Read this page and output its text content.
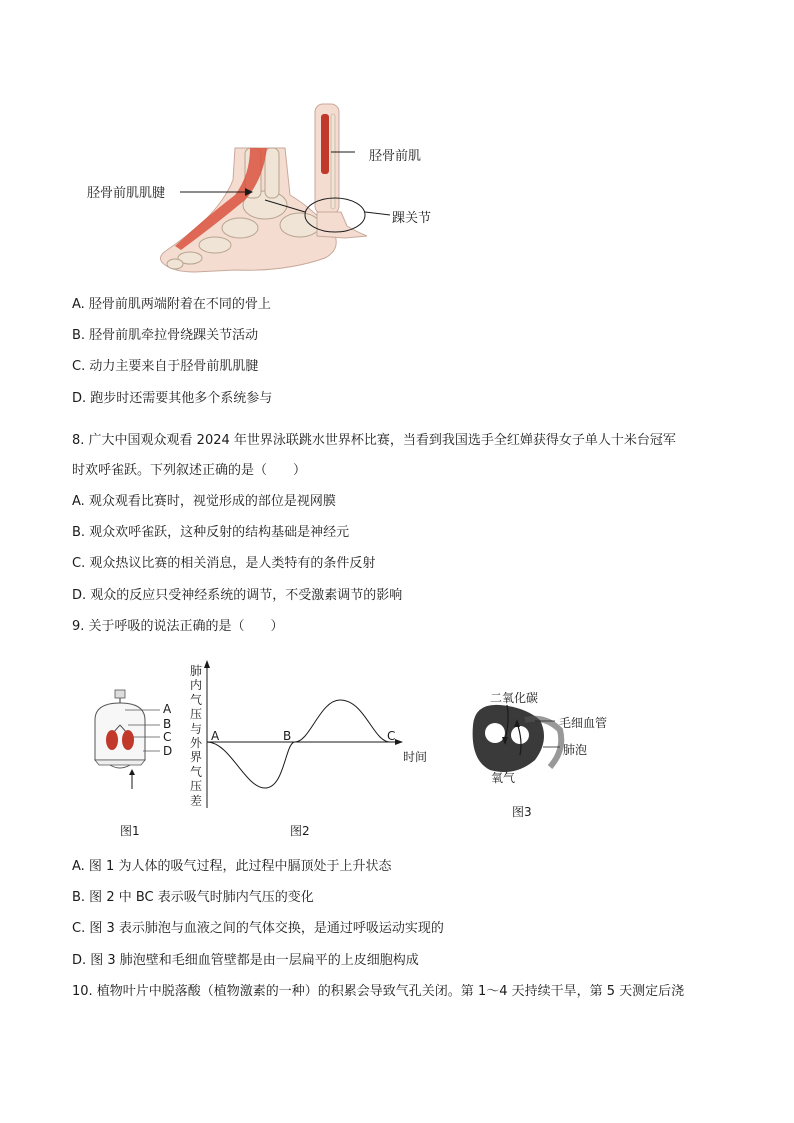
胫骨前肌肌腱
胫骨前肌
踝关节
A. 胫骨前肌两端附着在不同的骨上
B. 胫骨前肌牵拉骨绕踝关节活动
C. 动力主要来自于胫骨前肌肌腱
D. 跑步时还需要其他多个系统参与
8. 广大中国观众观看 2024 年世界泳联跳水世界杯比赛，当看到我国选手全红婵获得女子单人十米台冠军
时欢呼雀跃。下列叙述正确的是（　　）
A. 观众观看比赛时，视觉形成的部位是视网膜
B. 观众欢呼雀跃，这种反射的结构基础是神经元
C. 观众热议比赛的相关消息，是人类特有的条件反射
D. 观众的反应只受神经系统的调节，不受激素调节的影响
9. 关于呼吸的说法正确的是（　　）
A
B
C
D
图1
肺
内
气
压
与
外
界
气
压
差
A	B	C
时间
图2
二氧化碳
毛细血管
肺泡
氧气
图3
A. 图 1 为人体的吸气过程，此过程中膈顶处于上升状态
B. 图 2 中 BC 表示吸气时肺内气压的变化
C. 图 3 表示肺泡与血液之间的气体交换，是通过呼吸运动实现的
D. 图 3 肺泡壁和毛细血管壁都是由一层扁平的上皮细胞构成
10. 植物叶片中脱落酸（植物激素的一种）的积累会导致气孔关闭。第 1～4 天持续干旱，第 5 天测定后浇
